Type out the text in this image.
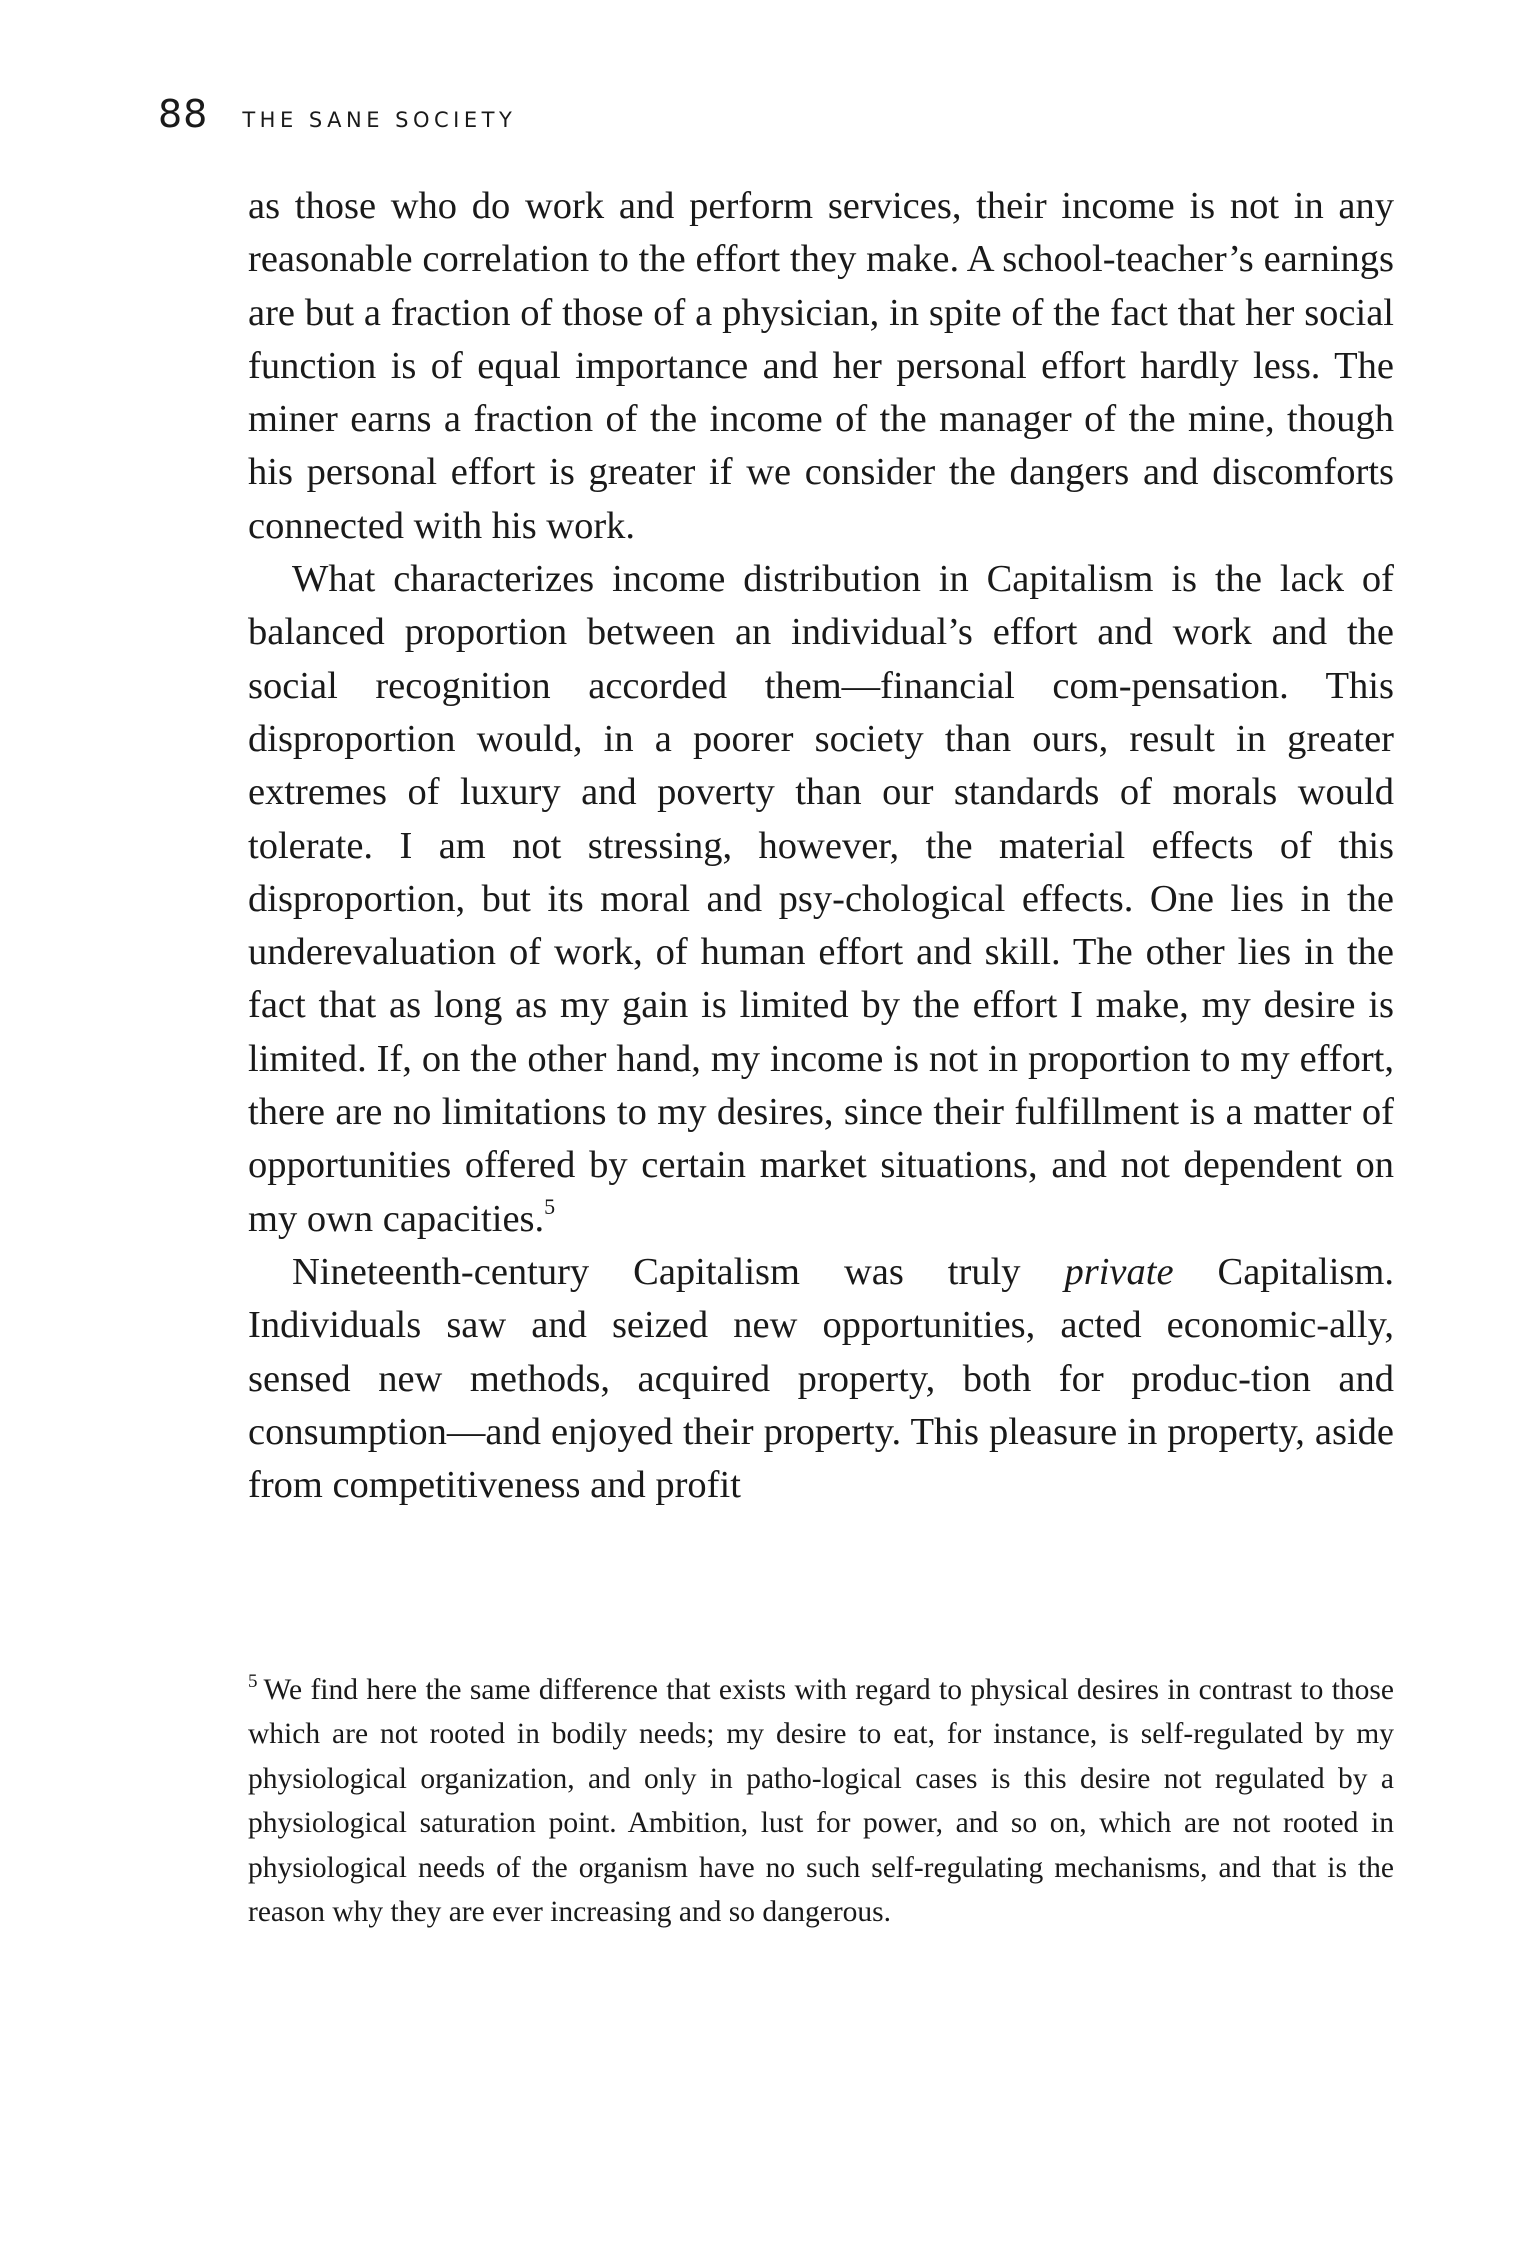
88 THE SANE SOCIETY

as those who do work and perform services, their income is not in any reasonable correlation to the effort they make. A school-teacher’s earnings are but a fraction of those of a physician, in spite of the fact that her social function is of equal importance and her personal effort hardly less. The miner earns a fraction of the income of the manager of the mine, though his personal effort is greater if we consider the dangers and discomforts connected with his work.

What characterizes income distribution in Capitalism is the lack of balanced proportion between an individual’s effort and work and the social recognition accorded them—financial com-pensation. This disproportion would, in a poorer society than ours, result in greater extremes of luxury and poverty than our standards of morals would tolerate. I am not stressing, however, the material effects of this disproportion, but its moral and psy-chological effects. One lies in the underevaluation of work, of human effort and skill. The other lies in the fact that as long as my gain is limited by the effort I make, my desire is limited. If, on the other hand, my income is not in proportion to my effort, there are no limitations to my desires, since their fulfillment is a matter of opportunities offered by certain market situations, and not dependent on my own capacities.$^5$

Nineteenth-century Capitalism was truly private Capitalism. Individuals saw and seized new opportunities, acted economic-ally, sensed new methods, acquired property, both for produc-tion and consumption—and enjoyed their property. This pleasure in property, aside from competitiveness and profit

$^5$ We find here the same difference that exists with regard to physical desires in contrast to those which are not rooted in bodily needs; my desire to eat, for instance, is self-regulated by my physiological organization, and only in patho-logical cases is this desire not regulated by a physiological saturation point. Ambition, lust for power, and so on, which are not rooted in physiological needs of the organism have no such self-regulating mechanisms, and that is the reason why they are ever increasing and so dangerous.
